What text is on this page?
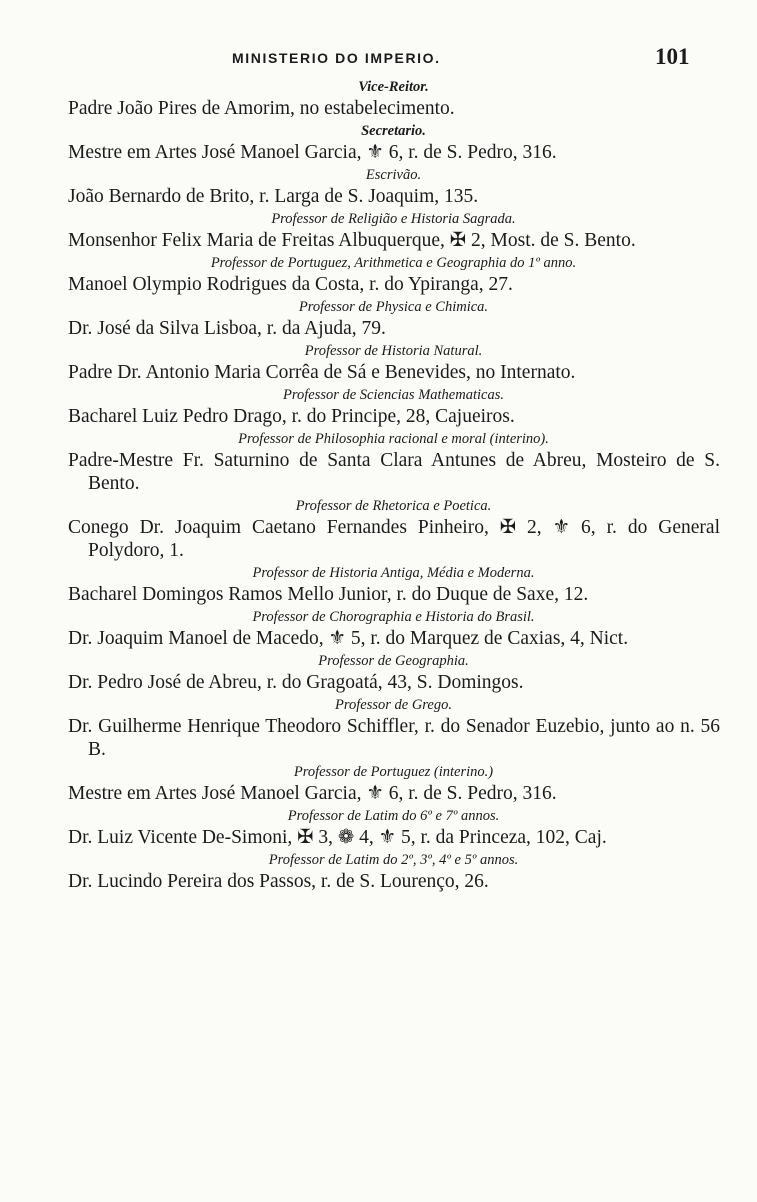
MINISTERIO DO IMPERIO.	101
Vice-Reitor.
Padre João Pires de Amorim, no estabelecimento.
Secretario.
Mestre em Artes José Manoel Garcia, ⚜ 6, r. de S. Pedro, 316.
Escrivão.
João Bernardo de Brito, r. Larga de S. Joaquim, 135.
Professor de Religião e Historia Sagrada.
Monsenhor Felix Maria de Freitas Albuquerque, ✠ 2, Most. de S. Bento.
Professor de Portuguez, Arithmetica e Geographia do 1º anno.
Manoel Olympio Rodrigues da Costa, r. do Ypiranga, 27.
Professor de Physica e Chimica.
Dr. José da Silva Lisboa, r. da Ajuda, 79.
Professor de Historia Natural.
Padre Dr. Antonio Maria Corrêa de Sá e Benevides, no Internato.
Professor de Sciencias Mathematicas.
Bacharel Luiz Pedro Drago, r. do Principe, 28, Cajueiros.
Professor de Philosophia racional e moral (interino).
Padre-Mestre Fr. Saturnino de Santa Clara Antunes de Abreu, Mosteiro de S. Bento.
Professor de Rhetorica e Poetica.
Conego Dr. Joaquim Caetano Fernandes Pinheiro, ✠ 2, ⚜ 6, r. do General Polydoro, 1.
Professor de Historia Antiga, Média e Moderna.
Bacharel Domingos Ramos Mello Junior, r. do Duque de Saxe, 12.
Professor de Chorographia e Historia do Brasil.
Dr. Joaquim Manoel de Macedo, ⚜ 5, r. do Marquez de Caxias, 4, Nict.
Professor de Geographia.
Dr. Pedro José de Abreu, r. do Gragoatá, 43, S. Domingos.
Professor de Grego.
Dr. Guilherme Henrique Theodoro Schiffler, r. do Senador Euzebio, junto ao n. 56 B.
Professor de Portuguez (interino.)
Mestre em Artes José Manoel Garcia, ⚜ 6, r. de S. Pedro, 316.
Professor de Latim do 6º e 7º annos.
Dr. Luiz Vicente De-Simoni, ✠ 3, ❁ 4, ⚜ 5, r. da Princeza, 102, Caj.
Professor de Latim do 2º, 3º, 4º e 5º annos.
Dr. Lucindo Pereira dos Passos, r. de S. Lourenço, 26.
